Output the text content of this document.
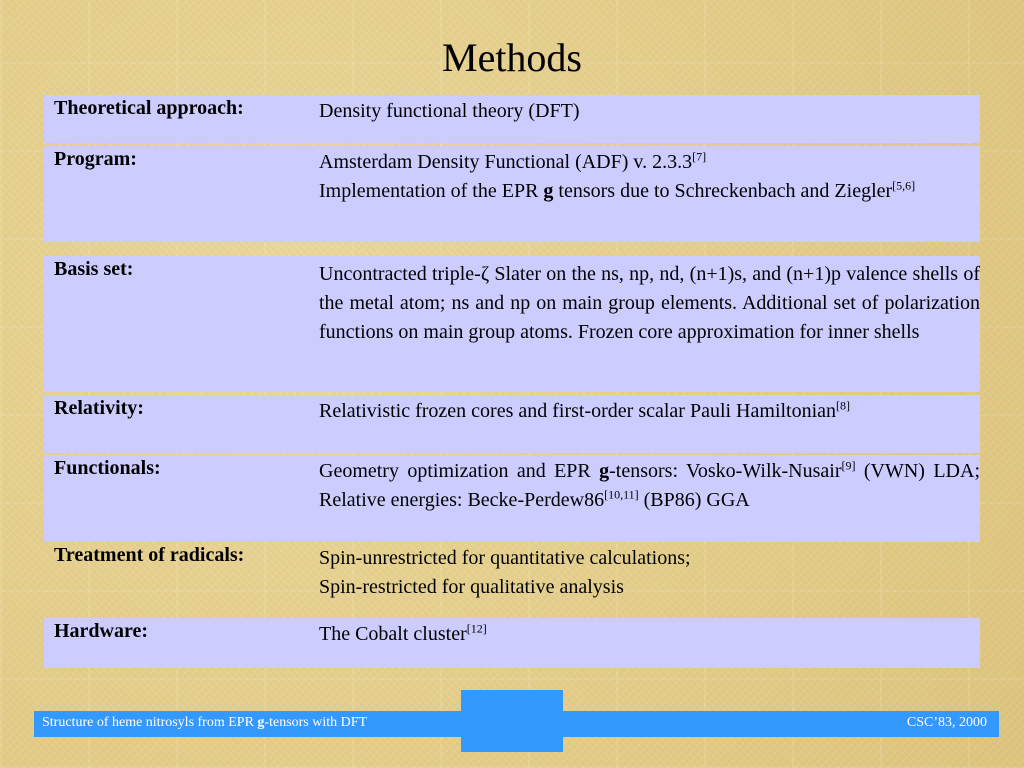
Methods
Theoretical approach:	Density functional theory (DFT)

Program:	Amsterdam Density Functional (ADF) v. 2.3.3[7]

Implementation of the EPR g tensors due to Schreckenbach and Ziegler[5,6]

Basis set:	Uncontracted triple-ζ Slater on the ns, np, nd, (n+1)s, and (n+1)p valence shells of the metal atom; ns and np on main group elements. Additional set of polarization functions on main group atoms. Frozen core approximation for inner shells

Relativity:	Relativistic frozen cores and first-order scalar Pauli Hamiltonian[8]

Functionals:	Geometry optimization and EPR g-tensors: Vosko-Wilk-Nusair[9] (VWN) LDA; Relative energies: Becke-Perdew86[10,11] (BP86) GGA

Treatment of radicals:	Spin-unrestricted for quantitative calculations;

Spin-restricted for qualitative analysis

Hardware:	The Cobalt cluster[12]

Structure of heme nitrosyls from EPR g-tensors with DFT	CSC’83, 2000
